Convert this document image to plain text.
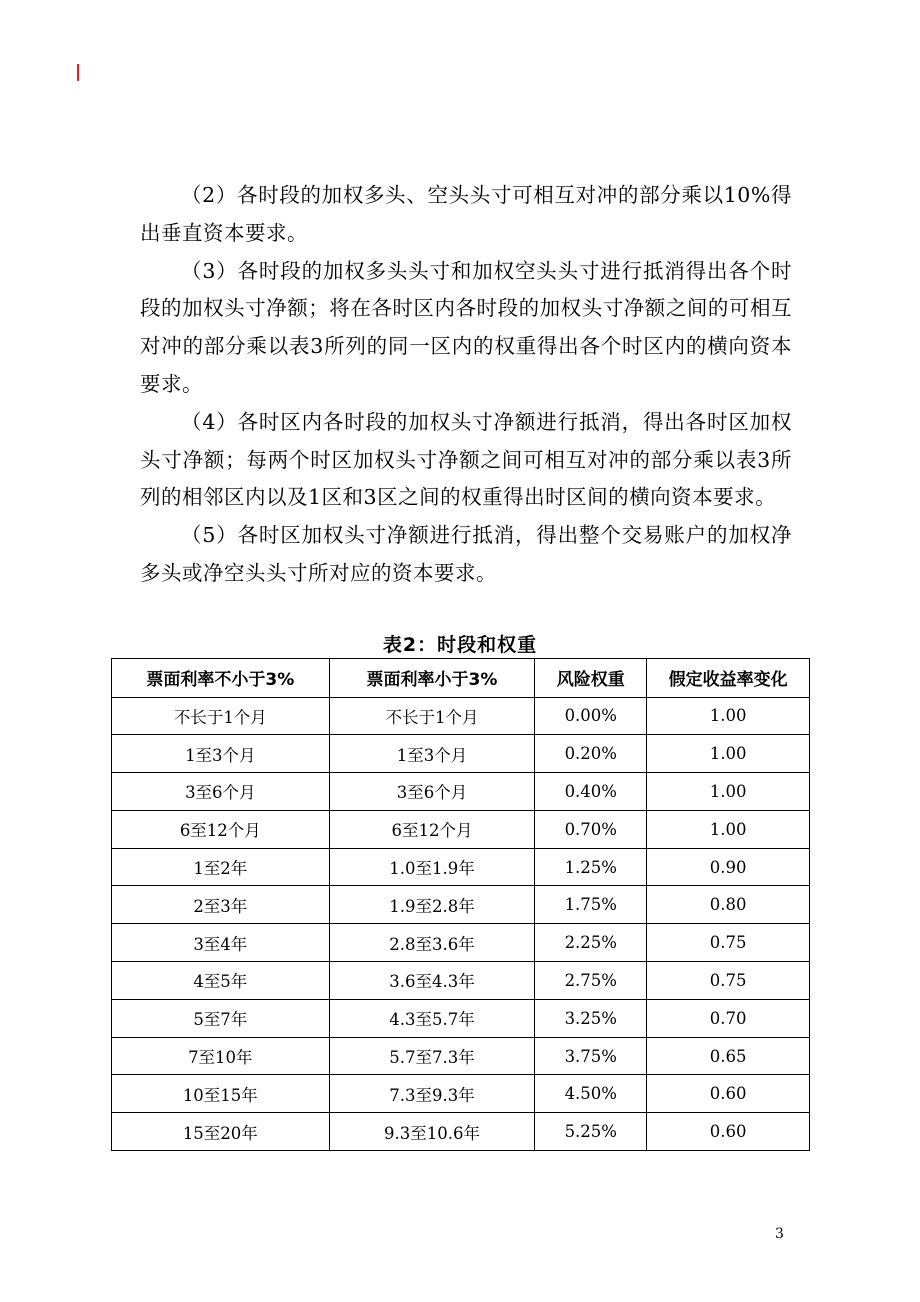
（2）各时段的加权多头、空头头寸可相互对冲的部分乘以10%得出垂直资本要求。

（3）各时段的加权多头头寸和加权空头头寸进行抵消得出各个时段的加权头寸净额；将在各时区内各时段的加权头寸净额之间的可相互对冲的部分乘以表3所列的同一区内的权重得出各个时区内的横向资本要求。

（4）各时区内各时段的加权头寸净额进行抵消，得出各时区加权头寸净额；每两个时区加权头寸净额之间可相互对冲的部分乘以表3所列的相邻区内以及1区和3区之间的权重得出时区间的横向资本要求。

（5）各时区加权头寸净额进行抵消，得出整个交易账户的加权净多头或净空头头寸所对应的资本要求。

表2：时段和权重
票面利率不小于3%	票面利率小于3%	风险权重	假定收益率变化
不长于1个月	不长于1个月	0.00%	1.00
1至3个月	1至3个月	0.20%	1.00
3至6个月	3至6个月	0.40%	1.00
6至12个月	6至12个月	0.70%	1.00
1至2年	1.0至1.9年	1.25%	0.90
2至3年	1.9至2.8年	1.75%	0.80
3至4年	2.8至3.6年	2.25%	0.75
4至5年	3.6至4.3年	2.75%	0.75
5至7年	4.3至5.7年	3.25%	0.70
7至10年	5.7至7.3年	3.75%	0.65
10至15年	7.3至9.3年	4.50%	0.60
15至20年	9.3至10.6年	5.25%	0.60
3
